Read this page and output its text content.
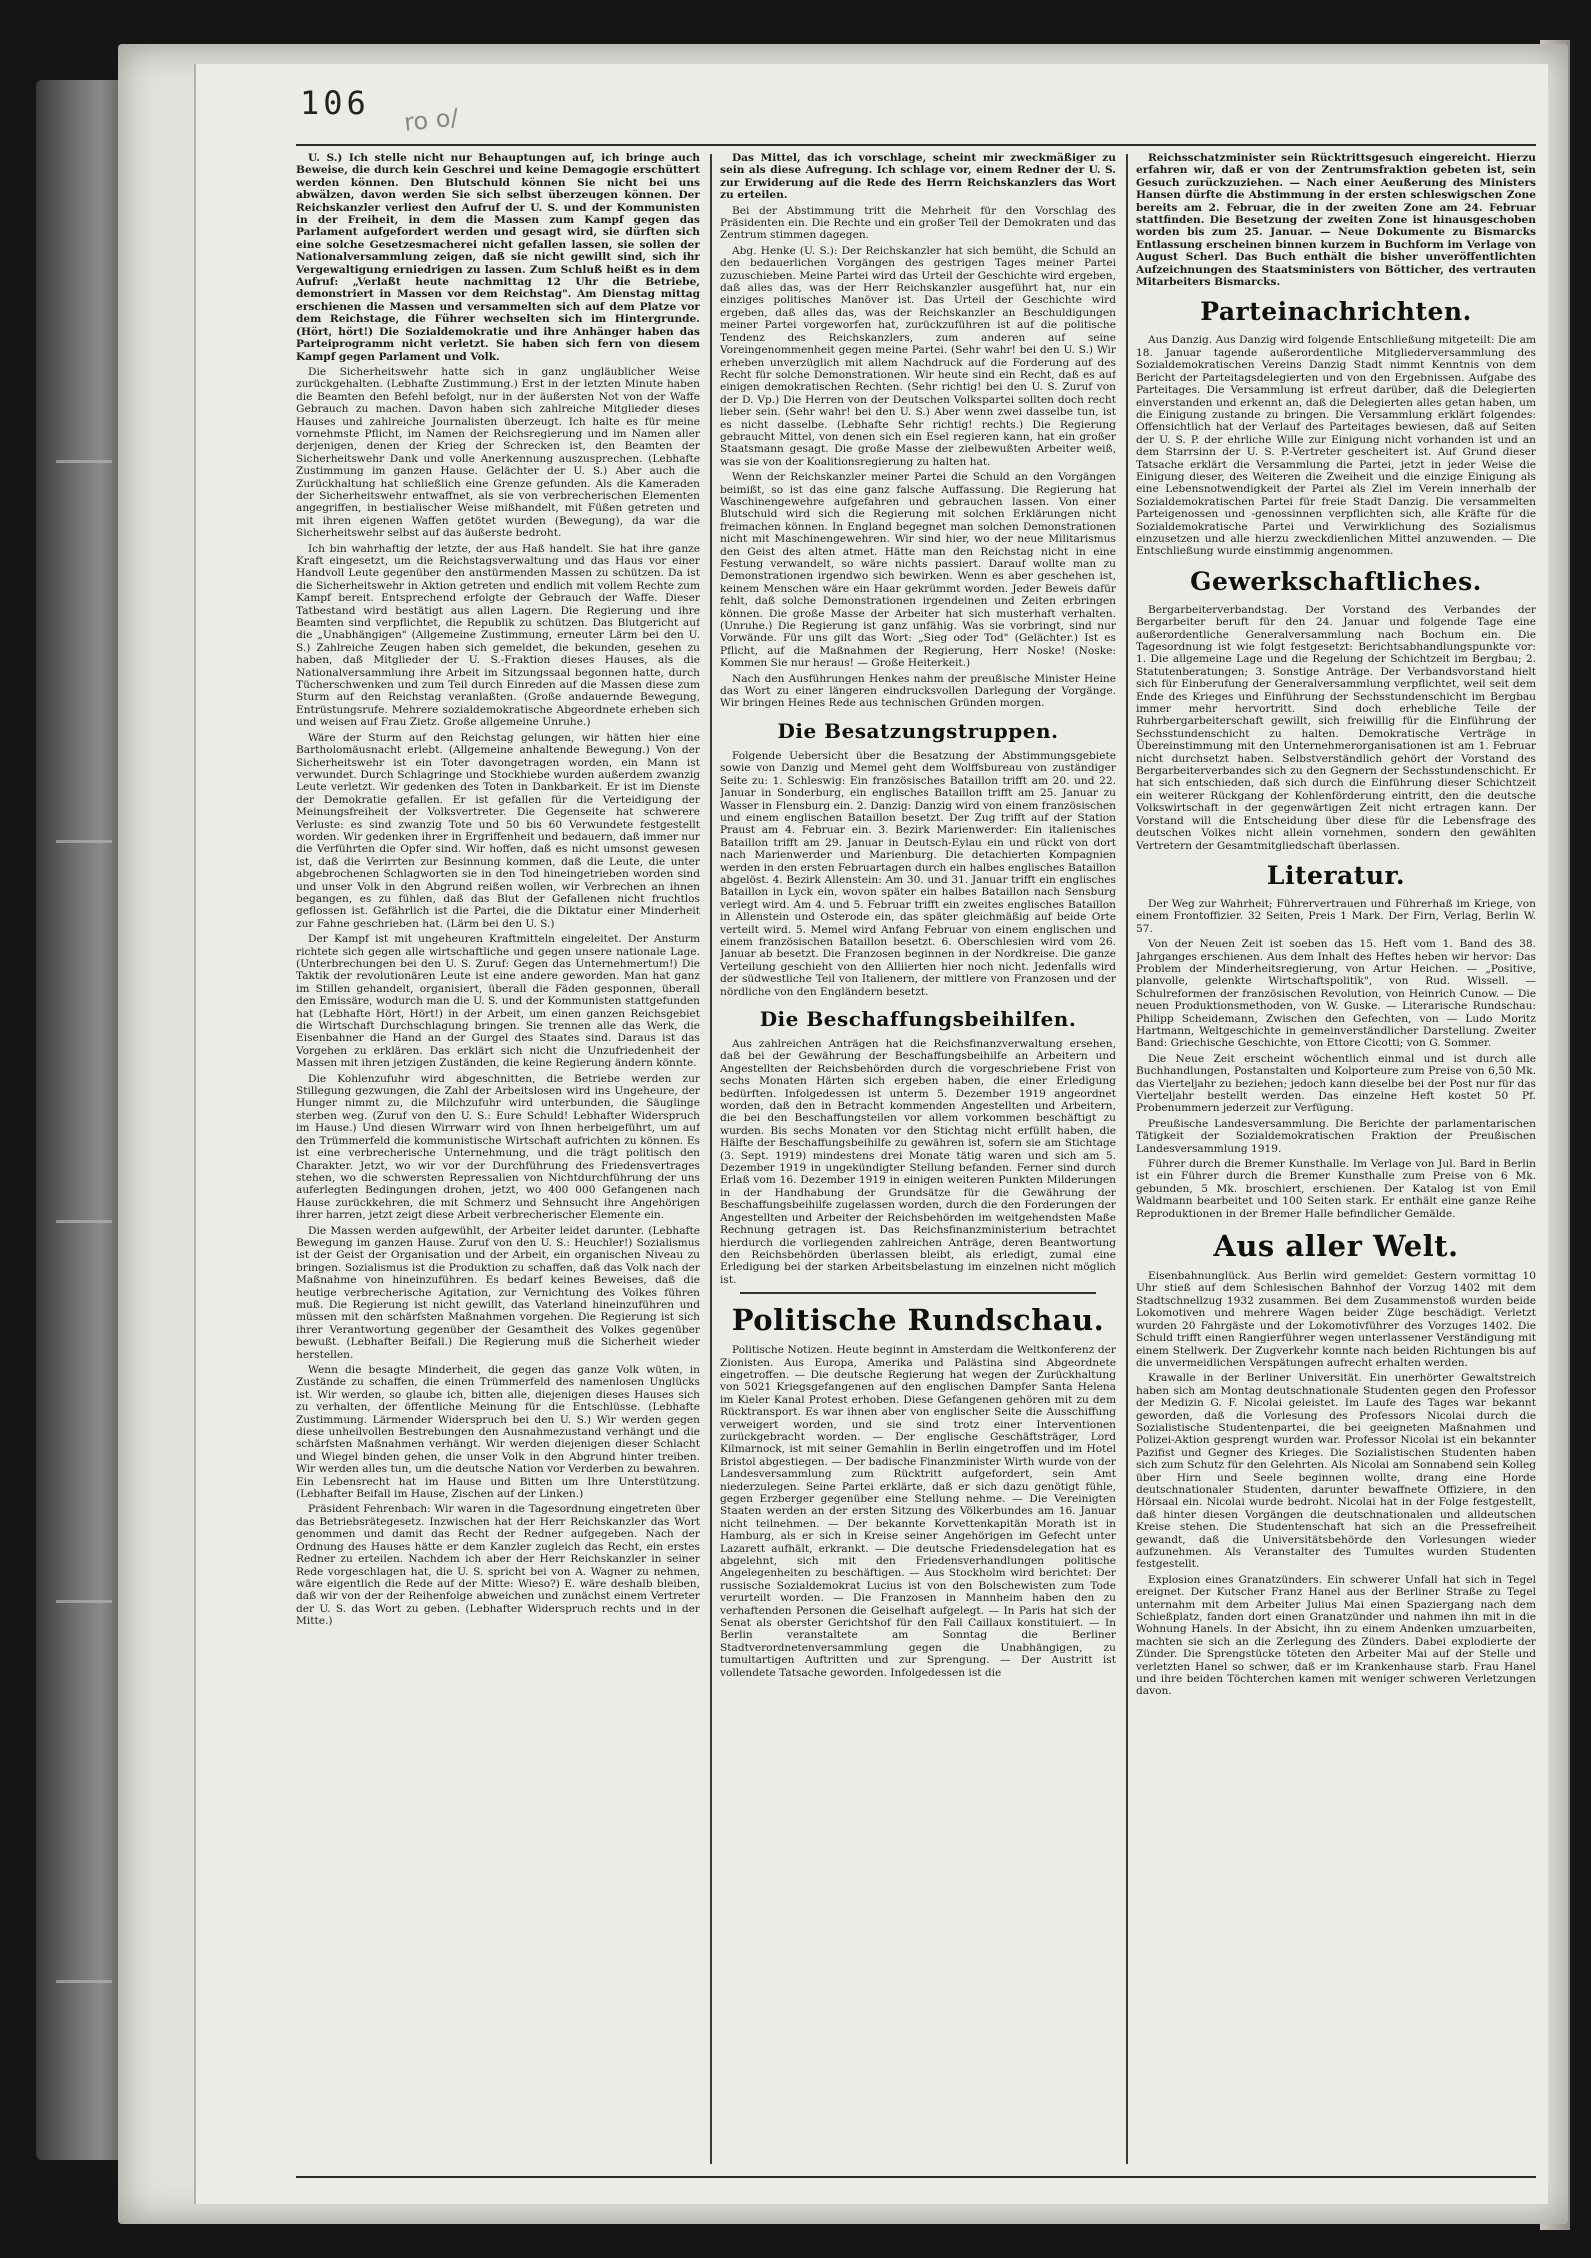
106 ro o/

U. S.) Ich stelle nicht nur Behauptungen auf, ich bringe auch Beweise, die durch kein Geschrei und keine Demagogie erschüttert werden können. Den Blutschuld können Sie nicht bei uns abwälzen, davon werden Sie sich selbst überzeugen können. Der Reichskanzler verliest den Aufruf der U. S. und der Kommunisten in der Freiheit, in dem die Massen zum Kampf gegen das Parlament aufgefordert werden und gesagt wird, sie dürften sich eine solche Gesetzesmacherei nicht gefallen lassen, sie sollen der Nationalversammlung zeigen, daß sie nicht gewillt sind, sich ihr Vergewaltigung erniedrigen zu lassen. Zum Schluß heißt es in dem Aufruf: „Verlaßt heute nachmittag 12 Uhr die Betriebe, demonstriert in Massen vor dem Reichstag". Am Dienstag mittag erschienen die Massen und versammelten sich auf dem Platze vor dem Reichstage, die Führer wechselten sich im Hintergrunde. (Hört, hört!) Die Sozialdemokratie und ihre Anhänger haben das Parteiprogramm nicht verletzt. Sie haben sich fern von diesem Kampf gegen Parlament und Volk.

Die Sicherheitswehr hatte sich in ganz ungläublicher Weise zurückgehalten. (Lebhafte Zustimmung.) Erst in der letzten Minute haben die Beamten den Befehl befolgt, nur in der äußersten Not von der Waffe Gebrauch zu machen. Davon haben sich zahlreiche Mitglieder dieses Hauses und zahlreiche Journalisten überzeugt. Ich halte es für meine vornehmste Pflicht, im Namen der Reichsregierung und im Namen aller derjenigen, denen der Krieg der Schrecken ist, den Beamten der Sicherheitswehr Dank und volle Anerkennung auszusprechen. (Lebhafte Zustimmung im ganzen Hause. Gelächter der U. S.) Aber auch die Zurückhaltung hat schließlich eine Grenze gefunden. Als die Kameraden der Sicherheitswehr entwaffnet, als sie von verbrecherischen Elementen angegriffen, in bestialischer Weise mißhandelt, mit Füßen getreten und mit ihren eigenen Waffen getötet wurden (Bewegung), da war die Sicherheitswehr selbst auf das äußerste bedroht.

Ich bin wahrhaftig der letzte, der aus Haß handelt. Sie hat ihre ganze Kraft eingesetzt, um die Reichstagsverwaltung und das Haus vor einer Handvoll Leute gegenüber den anstürmenden Massen zu schützen. Da ist die Sicherheitswehr in Aktion getreten und endlich mit vollem Rechte zum Kampf bereit. Entsprechend erfolgte der Gebrauch der Waffe. Dieser Tatbestand wird bestätigt aus allen Lagern. Die Regierung und ihre Beamten sind verpflichtet, die Republik zu schützen. Das Blutgericht auf die „Unabhängigen" (Allgemeine Zustimmung, erneuter Lärm bei den U. S.) Zahlreiche Zeugen haben sich gemeldet, die bekunden, gesehen zu haben, daß Mitglieder der U. S.-Fraktion dieses Hauses, als die Nationalversammlung ihre Arbeit im Sitzungssaal begonnen hatte, durch Tücherschwenken und zum Teil durch Einreden auf die Massen diese zum Sturm auf den Reichstag veranlaßten. (Große andauernde Bewegung, Entrüstungsrufe. Mehrere sozialdemokratische Abgeordnete erheben sich und weisen auf Frau Zietz. Große allgemeine Unruhe.)

Wäre der Sturm auf den Reichstag gelungen, wir hätten hier eine Bartholomäusnacht erlebt. (Allgemeine anhaltende Bewegung.) Von der Sicherheitswehr ist ein Toter davongetragen worden, ein Mann ist verwundet. Durch Schlagringe und Stockhiebe wurden außerdem zwanzig Leute verletzt. Wir gedenken des Toten in Dankbarkeit. Er ist im Dienste der Demokratie gefallen. Er ist gefallen für die Verteidigung der Meinungsfreiheit der Volksvertreter. Die Gegenseite hat schwerere Verluste: es sind zwanzig Tote und 50 bis 60 Verwundete festgestellt worden. Wir gedenken ihrer in Ergriffenheit und bedauern, daß immer nur die Verführten die Opfer sind. Wir hoffen, daß es nicht umsonst gewesen ist, daß die Verirrten zur Besinnung kommen, daß die Leute, die unter abgebrochenen Schlagworten sie in den Tod hineingetrieben worden sind und unser Volk in den Abgrund reißen wollen, wir Verbrechen an ihnen begangen, es zu fühlen, daß das Blut der Gefallenen nicht fruchtlos geflossen ist. Gefährlich ist die Partei, die die Diktatur einer Minderheit zur Fahne geschrieben hat. (Lärm bei den U. S.)

Der Kampf ist mit ungeheuren Kraftmitteln eingeleitet. Der Ansturm richtete sich gegen alle wirtschaftliche und gegen unsere nationale Lage. (Unterbrechungen bei den U. S. Zuruf: Gegen das Unternehmertum!) Die Taktik der revolutionären Leute ist eine andere geworden. Man hat ganz im Stillen gehandelt, organisiert, überall die Fäden gesponnen, überall den Emissäre, wodurch man die U. S. und der Kommunisten stattgefunden hat (Lebhafte Hört, Hört!) in der Arbeit, um einen ganzen Reichsgebiet die Wirtschaft Durchschlagung bringen. Sie trennen alle das Werk, die Eisenbahner die Hand an der Gurgel des Staates sind. Daraus ist das Vorgehen zu erklären. Das erklärt sich nicht die Unzufriedenheit der Massen mit ihren jetzigen Zuständen, die keine Regierung ändern könnte.

Die Kohlenzufuhr wird abgeschnitten, die Betriebe werden zur Stillegung gezwungen, die Zahl der Arbeitslosen wird ins Ungeheure, der Hunger nimmt zu, die Milchzufuhr wird unterbunden, die Säuglinge sterben weg. (Zuruf von den U. S.: Eure Schuld! Lebhafter Widerspruch im Hause.) Und diesen Wirrwarr wird von Ihnen herbeigeführt, um auf den Trümmerfeld die kommunistische Wirtschaft aufrichten zu können. Es ist eine verbrecherische Unternehmung, und die trägt politisch den Charakter. Jetzt, wo wir vor der Durchführung des Friedensvertrages stehen, wo die schwersten Repressalien von Nichtdurchführung der uns auferlegten Bedingungen drohen, jetzt, wo 400 000 Gefangenen nach Hause zurückkehren, die mit Schmerz und Sehnsucht ihre Angehörigen ihrer harren, jetzt zeigt diese Arbeit verbrecherischer Elemente ein.

Die Massen werden aufgewühlt, der Arbeiter leidet darunter. (Lebhafte Bewegung im ganzen Hause. Zuruf von den U. S.: Heuchler!) Sozialismus ist der Geist der Organisation und der Arbeit, ein organischen Niveau zu bringen. Sozialismus ist die Produktion zu schaffen, daß das Volk nach der Maßnahme von hineinzuführen. Es bedarf keines Beweises, daß die heutige verbrecherische Agitation, zur Vernichtung des Volkes führen muß. Die Regierung ist nicht gewillt, das Vaterland hineinzuführen und müssen mit den schärfsten Maßnahmen vorgehen. Die Regierung ist sich ihrer Verantwortung gegenüber der Gesamtheit des Volkes gegenüber bewußt. (Lebhafter Beifall.) Die Regierung muß die Sicherheit wieder herstellen.

Wenn die besagte Minderheit, die gegen das ganze Volk wüten, in Zustände zu schaffen, die einen Trümmerfeld des namenlosen Unglücks ist. Wir werden, so glaube ich, bitten alle, diejenigen dieses Hauses sich zu verhalten, der öffentliche Meinung für die Entschlüsse. (Lebhafte Zustimmung. Lärmender Widerspruch bei den U. S.) Wir werden gegen diese unheilvollen Bestrebungen den Ausnahmezustand verhängt und die schärfsten Maßnahmen verhängt. Wir werden diejenigen dieser Schlacht und Wiegel binden gehen, die unser Volk in den Abgrund hinter treiben. Wir werden alles tun, um die deutsche Nation vor Verderben zu bewahren. Ein Lebensrecht hat im Hause und Bitten um Ihre Unterstützung. (Lebhafter Beifall im Hause, Zischen auf der Linken.)

Präsident Fehrenbach: Wir waren in die Tagesordnung eingetreten über das Betriebsrätegesetz. Inzwischen hat der Herr Reichskanzler das Wort genommen und damit das Recht der Redner aufgegeben. Nach der Ordnung des Hauses hätte er dem Kanzler zugleich das Recht, ein erstes Redner zu erteilen. Nachdem ich aber der Herr Reichskanzler in seiner Rede vorgeschlagen hat, die U. S. spricht bei von A. Wagner zu nehmen, wäre eigentlich die Rede auf der Mitte: Wieso?) E. wäre deshalb bleiben, daß wir von der der Reihenfolge abweichen und zunächst einem Vertreter der U. S. das Wort zu geben. (Lebhafter Widerspruch rechts und in der Mitte.)

Das Mittel, das ich vorschlage, scheint mir zweckmäßiger zu sein als diese Aufregung. Ich schlage vor, einem Redner der U. S. zur Erwiderung auf die Rede des Herrn Reichskanzlers das Wort zu erteilen.

Bei der Abstimmung tritt die Mehrheit für den Vorschlag des Präsidenten ein. Die Rechte und ein großer Teil der Demokraten und das Zentrum stimmen dagegen.

Abg. Henke (U. S.): Der Reichskanzler hat sich bemüht, die Schuld an den bedauerlichen Vorgängen des gestrigen Tages meiner Partei zuzuschieben. Meine Partei wird das Urteil der Geschichte wird ergeben, daß alles das, was der Herr Reichskanzler ausgeführt hat, nur ein einziges politisches Manöver ist. Das Urteil der Geschichte wird ergeben, daß alles das, was der Reichskanzler an Beschuldigungen meiner Partei vorgeworfen hat, zurückzuführen ist auf die politische Tendenz des Reichskanzlers, zum anderen auf seine Voreingenommenheit gegen meine Partei. (Sehr wahr! bei den U. S.) Wir erheben unverzüglich mit allem Nachdruck auf die Forderung auf des Recht für solche Demonstrationen. Wir heute sind ein Recht, daß es auf einigen demokratischen Rechten. (Sehr richtig! bei den U. S. Zuruf von der D. Vp.) Die Herren von der Deutschen Volkspartei sollten doch recht lieber sein. (Sehr wahr! bei den U. S.) Aber wenn zwei dasselbe tun, ist es nicht dasselbe. (Lebhafte Sehr richtig! rechts.) Die Regierung gebraucht Mittel, von denen sich ein Esel regieren kann, hat ein großer Staatsmann gesagt. Die große Masse der zielbewußten Arbeiter weiß, was sie von der Koalitionsregierung zu halten hat.

Wenn der Reichskanzler meiner Partei die Schuld an den Vorgängen beimißt, so ist das eine ganz falsche Auffassung. Die Regierung hat Waschinengewehre aufgefahren und gebrauchen lassen. Von einer Blutschuld wird sich die Regierung mit solchen Erklärungen nicht freimachen können. In England begegnet man solchen Demonstrationen nicht mit Maschinengewehren. Wir sind hier, wo der neue Militarismus den Geist des alten atmet. Hätte man den Reichstag nicht in eine Festung verwandelt, so wäre nichts passiert. Darauf wollte man zu Demonstrationen irgendwo sich bewirken. Wenn es aber geschehen ist, keinem Menschen wäre ein Haar gekrümmt worden. Jeder Beweis dafür fehlt, daß solche Demonstrationen irgendeinen und Zeiten erbringen können. Die große Masse der Arbeiter hat sich musterhaft verhalten. (Unruhe.) Die Regierung ist ganz unfähig. Was sie vorbringt, sind nur Vorwände. Für uns gilt das Wort: „Sieg oder Tod" (Gelächter.) Ist es Pflicht, auf die Maßnahmen der Regierung, Herr Noske! (Noske: Kommen Sie nur heraus! — Große Heiterkeit.)

Nach den Ausführungen Henkes nahm der preußische Minister Heine das Wort zu einer längeren eindrucksvollen Darlegung der Vorgänge. Wir bringen Heines Rede aus technischen Gründen morgen.

Die Besatzungstruppen.

Folgende Uebersicht über die Besatzung der Abstimmungsgebiete sowie von Danzig und Memel geht dem Wolffsbureau von zuständiger Seite zu: 1. Schleswig: Ein französisches Bataillon trifft am 20. und 22. Januar in Sonderburg, ein englisches Bataillon trifft am 25. Januar zu Wasser in Flensburg ein. 2. Danzig: Danzig wird von einem französischen und einem englischen Bataillon besetzt. Der Zug trifft auf der Station Praust am 4. Februar ein. 3. Bezirk Marienwerder: Ein italienisches Bataillon trifft am 29. Januar in Deutsch-Eylau ein und rückt von dort nach Marienwerder und Marienburg. Die detachierten Kompagnien werden in den ersten Februartagen durch ein halbes englisches Bataillon abgelöst. 4. Bezirk Allenstein: Am 30. und 31. Januar trifft ein englisches Bataillon in Lyck ein, wovon später ein halbes Bataillon nach Sensburg verlegt wird. Am 4. und 5. Februar trifft ein zweites englisches Bataillon in Allenstein und Osterode ein, das später gleichmäßig auf beide Orte verteilt wird. 5. Memel wird Anfang Februar von einem englischen und einem französischen Bataillon besetzt. 6. Oberschlesien wird vom 26. Januar ab besetzt. Die Franzosen beginnen in der Nordkreise. Die ganze Verteilung geschieht von den Alliierten hier noch nicht. Jedenfalls wird der südwestliche Teil von Italienern, der mittlere von Franzosen und der nördliche von den Engländern besetzt.

Die Beschaffungsbeihilfen.

Aus zahlreichen Anträgen hat die Reichsfinanzverwaltung ersehen, daß bei der Gewährung der Beschaffungsbeihilfe an Arbeitern und Angestellten der Reichsbehörden durch die vorgeschriebene Frist von sechs Monaten Härten sich ergeben haben, die einer Erledigung bedürften. Infolgedessen ist unterm 5. Dezember 1919 angeordnet worden, daß den in Betracht kommenden Angestellten und Arbeitern, die bei den Beschaffungsteilen vor allem vorkommen beschäftigt zu wurden. Bis sechs Monaten vor den Stichtag nicht erfüllt haben, die Hälfte der Beschaffungsbeihilfe zu gewähren ist, sofern sie am Stichtage (3. Sept. 1919) mindestens drei Monate tätig waren und sich am 5. Dezember 1919 in ungekündigter Stellung befanden. Ferner sind durch Erlaß vom 16. Dezember 1919 in einigen weiteren Punkten Milderungen in der Handhabung der Grundsätze für die Gewährung der Beschaffungsbeihilfe zugelassen worden, durch die den Forderungen der Angestellten und Arbeiter der Reichsbehörden im weitgehendsten Maße Rechnung getragen ist. Das Reichsfinanzministerium betrachtet hierdurch die vorliegenden zahlreichen Anträge, deren Beantwortung den Reichsbehörden überlassen bleibt, als erledigt, zumal eine Erledigung bei der starken Arbeitsbelastung im einzelnen nicht möglich ist.

Politische Rundschau.

Politische Notizen. Heute beginnt in Amsterdam die Weltkonferenz der Zionisten. Aus Europa, Amerika und Palästina sind Abgeordnete eingetroffen. — Die deutsche Regierung hat wegen der Zurückhaltung von 5021 Kriegsgefangenen auf den englischen Dampfer Santa Helena im Kieler Kanal Protest erhoben. Diese Gefangenen gehören mit zu dem Rücktransport. Es war ihnen aber von englischer Seite die Ausschiffung verweigert worden, und sie sind trotz einer Interventionen zurückgebracht worden. — Der englische Geschäftsträger, Lord Kilmarnock, ist mit seiner Gemahlin in Berlin eingetroffen und im Hotel Bristol abgestiegen. — Der badische Finanzminister Wirth wurde von der Landesversammlung zum Rücktritt aufgefordert, sein Amt niederzulegen. Seine Partei erklärte, daß er sich dazu genötigt fühle, gegen Erzberger gegenüber eine Stellung nehme. — Die Vereinigten Staaten werden an der ersten Sitzung des Völkerbundes am 16. Januar nicht teilnehmen. — Der bekannte Korvettenkapitän Morath ist in Hamburg, als er sich in Kreise seiner Angehörigen im Gefecht unter Lazarett aufhält, erkrankt. — Die deutsche Friedensdelegation hat es abgelehnt, sich mit den Friedensverhandlungen politische Angelegenheiten zu beschäftigen. — Aus Stockholm wird berichtet: Der russische Sozialdemokrat Lucius ist von den Bolschewisten zum Tode verurteilt worden. — Die Franzosen in Mannheim haben den zu verhaftenden Personen die Geiselhaft aufgelegt. — In Paris hat sich der Senat als oberster Gerichtshof für den Fall Caillaux konstituiert. — In Berlin veranstaltete am Sonntag die Berliner Stadtverordnetenversammlung gegen die Unabhängigen, zu tumultartigen Auftritten und zur Sprengung. — Der Austritt ist vollendete Tatsache geworden. Infolgedessen ist die

Reichsschatzminister sein Rücktrittsgesuch eingereicht. Hierzu erfahren wir, daß er von der Zentrumsfraktion gebeten ist, sein Gesuch zurückzuziehen. — Nach einer Aeußerung des Ministers Hansen dürfte die Abstimmung in der ersten schleswigschen Zone bereits am 2. Februar, die in der zweiten Zone am 24. Februar stattfinden. Die Besetzung der zweiten Zone ist hinausgeschoben worden bis zum 25. Januar. — Neue Dokumente zu Bismarcks Entlassung erscheinen binnen kurzem in Buchform im Verlage von August Scherl. Das Buch enthält die bisher unveröffentlichten Aufzeichnungen des Staatsministers von Bötticher, des vertrauten Mitarbeiters Bismarcks.

Parteinachrichten.

Aus Danzig. Aus Danzig wird folgende Entschließung mitgeteilt: Die am 18. Januar tagende außerordentliche Mitgliederversammlung des Sozialdemokratischen Vereins Danzig Stadt nimmt Kenntnis von dem Bericht der Parteitagsdelegierten und von den Ergebnissen. Aufgabe des Parteitages. Die Versammlung ist erfreut darüber, daß die Delegierten einverstanden und erkennt an, daß die Delegierten alles getan haben, um die Einigung zustande zu bringen. Die Versammlung erklärt folgendes: Offensichtlich hat der Verlauf des Parteitages bewiesen, daß auf Seiten der U. S. P. der ehrliche Wille zur Einigung nicht vorhanden ist und an dem Starrsinn der U. S. P.-Vertreter gescheitert ist. Auf Grund dieser Tatsache erklärt die Versammlung die Partei, jetzt in jeder Weise die Einigung dieser, des Weiteren die Zweiheit und die einzige Einigung als eine Lebensnotwendigkeit der Partei als Ziel im Verein innerhalb der Sozialdemokratischen Partei für freie Stadt Danzig. Die versammelten Parteigenossen und -genossinnen verpflichten sich, alle Kräfte für die Sozialdemokratische Partei und Verwirklichung des Sozialismus einzusetzen und alle hierzu zweckdienlichen Mittel anzuwenden. — Die Entschließung wurde einstimmig angenommen.

Gewerkschaftliches.

Bergarbeiterverbandstag. Der Vorstand des Verbandes der Bergarbeiter beruft für den 24. Januar und folgende Tage eine außerordentliche Generalversammlung nach Bochum ein. Die Tagesordnung ist wie folgt festgesetzt: Berichtsabhandlungspunkte vor: 1. Die allgemeine Lage und die Regelung der Schichtzeit im Bergbau; 2. Statutenberatungen; 3. Sonstige Anträge. Der Verbandsvorstand hielt sich für Einberufung der Generalversammlung verpflichtet, weil seit dem Ende des Krieges und Einführung der Sechsstundenschicht im Bergbau immer mehr hervortritt. Sind doch erhebliche Teile der Ruhrbergarbeiterschaft gewillt, sich freiwillig für die Einführung der Sechsstundenschicht zu halten. Demokratische Verträge in Übereinstimmung mit den Unternehmerorganisationen ist am 1. Februar nicht durchsetzt haben. Selbstverständlich gehört der Vorstand des Bergarbeiterverbandes sich zu den Gegnern der Sechsstundenschicht. Er hat sich entschieden, daß sich durch die Einführung dieser Schichtzeit ein weiterer Rückgang der Kohlenförderung eintritt, den die deutsche Volkswirtschaft in der gegenwärtigen Zeit nicht ertragen kann. Der Vorstand will die Entscheidung über diese für die Lebensfrage des deutschen Volkes nicht allein vornehmen, sondern den gewählten Vertretern der Gesamtmitgliedschaft überlassen.

Literatur.

Der Weg zur Wahrheit; Führervertrauen und Führerhaß im Kriege, von einem Frontoffizier. 32 Seiten, Preis 1 Mark. Der Firn, Verlag, Berlin W. 57.

Von der Neuen Zeit ist soeben das 15. Heft vom 1. Band des 38. Jahrganges erschienen. Aus dem Inhalt des Heftes heben wir hervor: Das Problem der Minderheitsregierung, von Artur Heichen. — „Positive, planvolle, gelenkte Wirtschaftspolitik", von Rud. Wissell. — Schulreformen der französischen Revolution, von Heinrich Cunow. — Die neuen Produktionsmethoden, von W. Guske. — Literarische Rundschau: Philipp Scheidemann, Zwischen den Gefechten, von — Ludo Moritz Hartmann, Weltgeschichte in gemeinverständlicher Darstellung. Zweiter Band: Griechische Geschichte, von Ettore Cicotti; von G. Sommer.

Die Neue Zeit erscheint wöchentlich einmal und ist durch alle Buchhandlungen, Postanstalten und Kolporteure zum Preise von 6,50 Mk. das Vierteljahr zu beziehen; jedoch kann dieselbe bei der Post nur für das Vierteljahr bestellt werden. Das einzelne Heft kostet 50 Pf. Probenummern jederzeit zur Verfügung.

Preußische Landesversammlung. Die Berichte der parlamentarischen Tätigkeit der Sozialdemokratischen Fraktion der Preußischen Landesversammlung 1919.

Führer durch die Bremer Kunsthalle. Im Verlage von Jul. Bard in Berlin ist ein Führer durch die Bremer Kunsthalle zum Preise von 6 Mk. gebunden, 5 Mk. broschiert, erschienen. Der Katalog ist von Emil Waldmann bearbeitet und 100 Seiten stark. Er enthält eine ganze Reihe Reproduktionen in der Bremer Halle befindlicher Gemälde.

Aus aller Welt.

Eisenbahnunglück. Aus Berlin wird gemeldet: Gestern vormittag 10 Uhr stieß auf dem Schlesischen Bahnhof der Vorzug 1402 mit dem Stadtschnellzug 1932 zusammen. Bei dem Zusammenstoß wurden beide Lokomotiven und mehrere Wagen beider Züge beschädigt. Verletzt wurden 20 Fahrgäste und der Lokomotivführer des Vorzuges 1402. Die Schuld trifft einen Rangierführer wegen unterlassener Verständigung mit einem Stellwerk. Der Zugverkehr konnte nach beiden Richtungen bis auf die unvermeidlichen Verspätungen aufrecht erhalten werden.

Krawalle in der Berliner Universität. Ein unerhörter Gewaltstreich haben sich am Montag deutschnationale Studenten gegen den Professor der Medizin G. F. Nicolai geleistet. Im Laufe des Tages war bekannt geworden, daß die Vorlesung des Professors Nicolai durch die Sozialistische Studentenpartei, die bei geeigneten Maßnahmen und Polizei-Aktion gesprengt wurden war. Professor Nicolai ist ein bekannter Pazifist und Gegner des Krieges. Die Sozialistischen Studenten haben sich zum Schutz für den Gelehrten. Als Nicolai am Sonnabend sein Kolleg über Hirn und Seele beginnen wollte, drang eine Horde deutschnationaler Studenten, darunter bewaffnete Offiziere, in den Hörsaal ein. Nicolai wurde bedroht. Nicolai hat in der Folge festgestellt, daß hinter diesen Vorgängen die deutschnationalen und alldeutschen Kreise stehen. Die Studentenschaft hat sich an die Pressefreiheit gewandt, daß die Universitätsbehörde den Vorlesungen wieder aufzunehmen. Als Veranstalter des Tumultes wurden Studenten festgestellt.

Explosion eines Granatzünders. Ein schwerer Unfall hat sich in Tegel ereignet. Der Kutscher Franz Hanel aus der Berliner Straße zu Tegel unternahm mit dem Arbeiter Julius Mai einen Spaziergang nach dem Schießplatz, fanden dort einen Granatzünder und nahmen ihn mit in die Wohnung Hanels. In der Absicht, ihn zu einem Andenken umzuarbeiten, machten sie sich an die Zerlegung des Zünders. Dabei explodierte der Zünder. Die Sprengstücke töteten den Arbeiter Mai auf der Stelle und verletzten Hanel so schwer, daß er im Krankenhause starb. Frau Hanel und ihre beiden Töchterchen kamen mit weniger schweren Verletzungen davon.
